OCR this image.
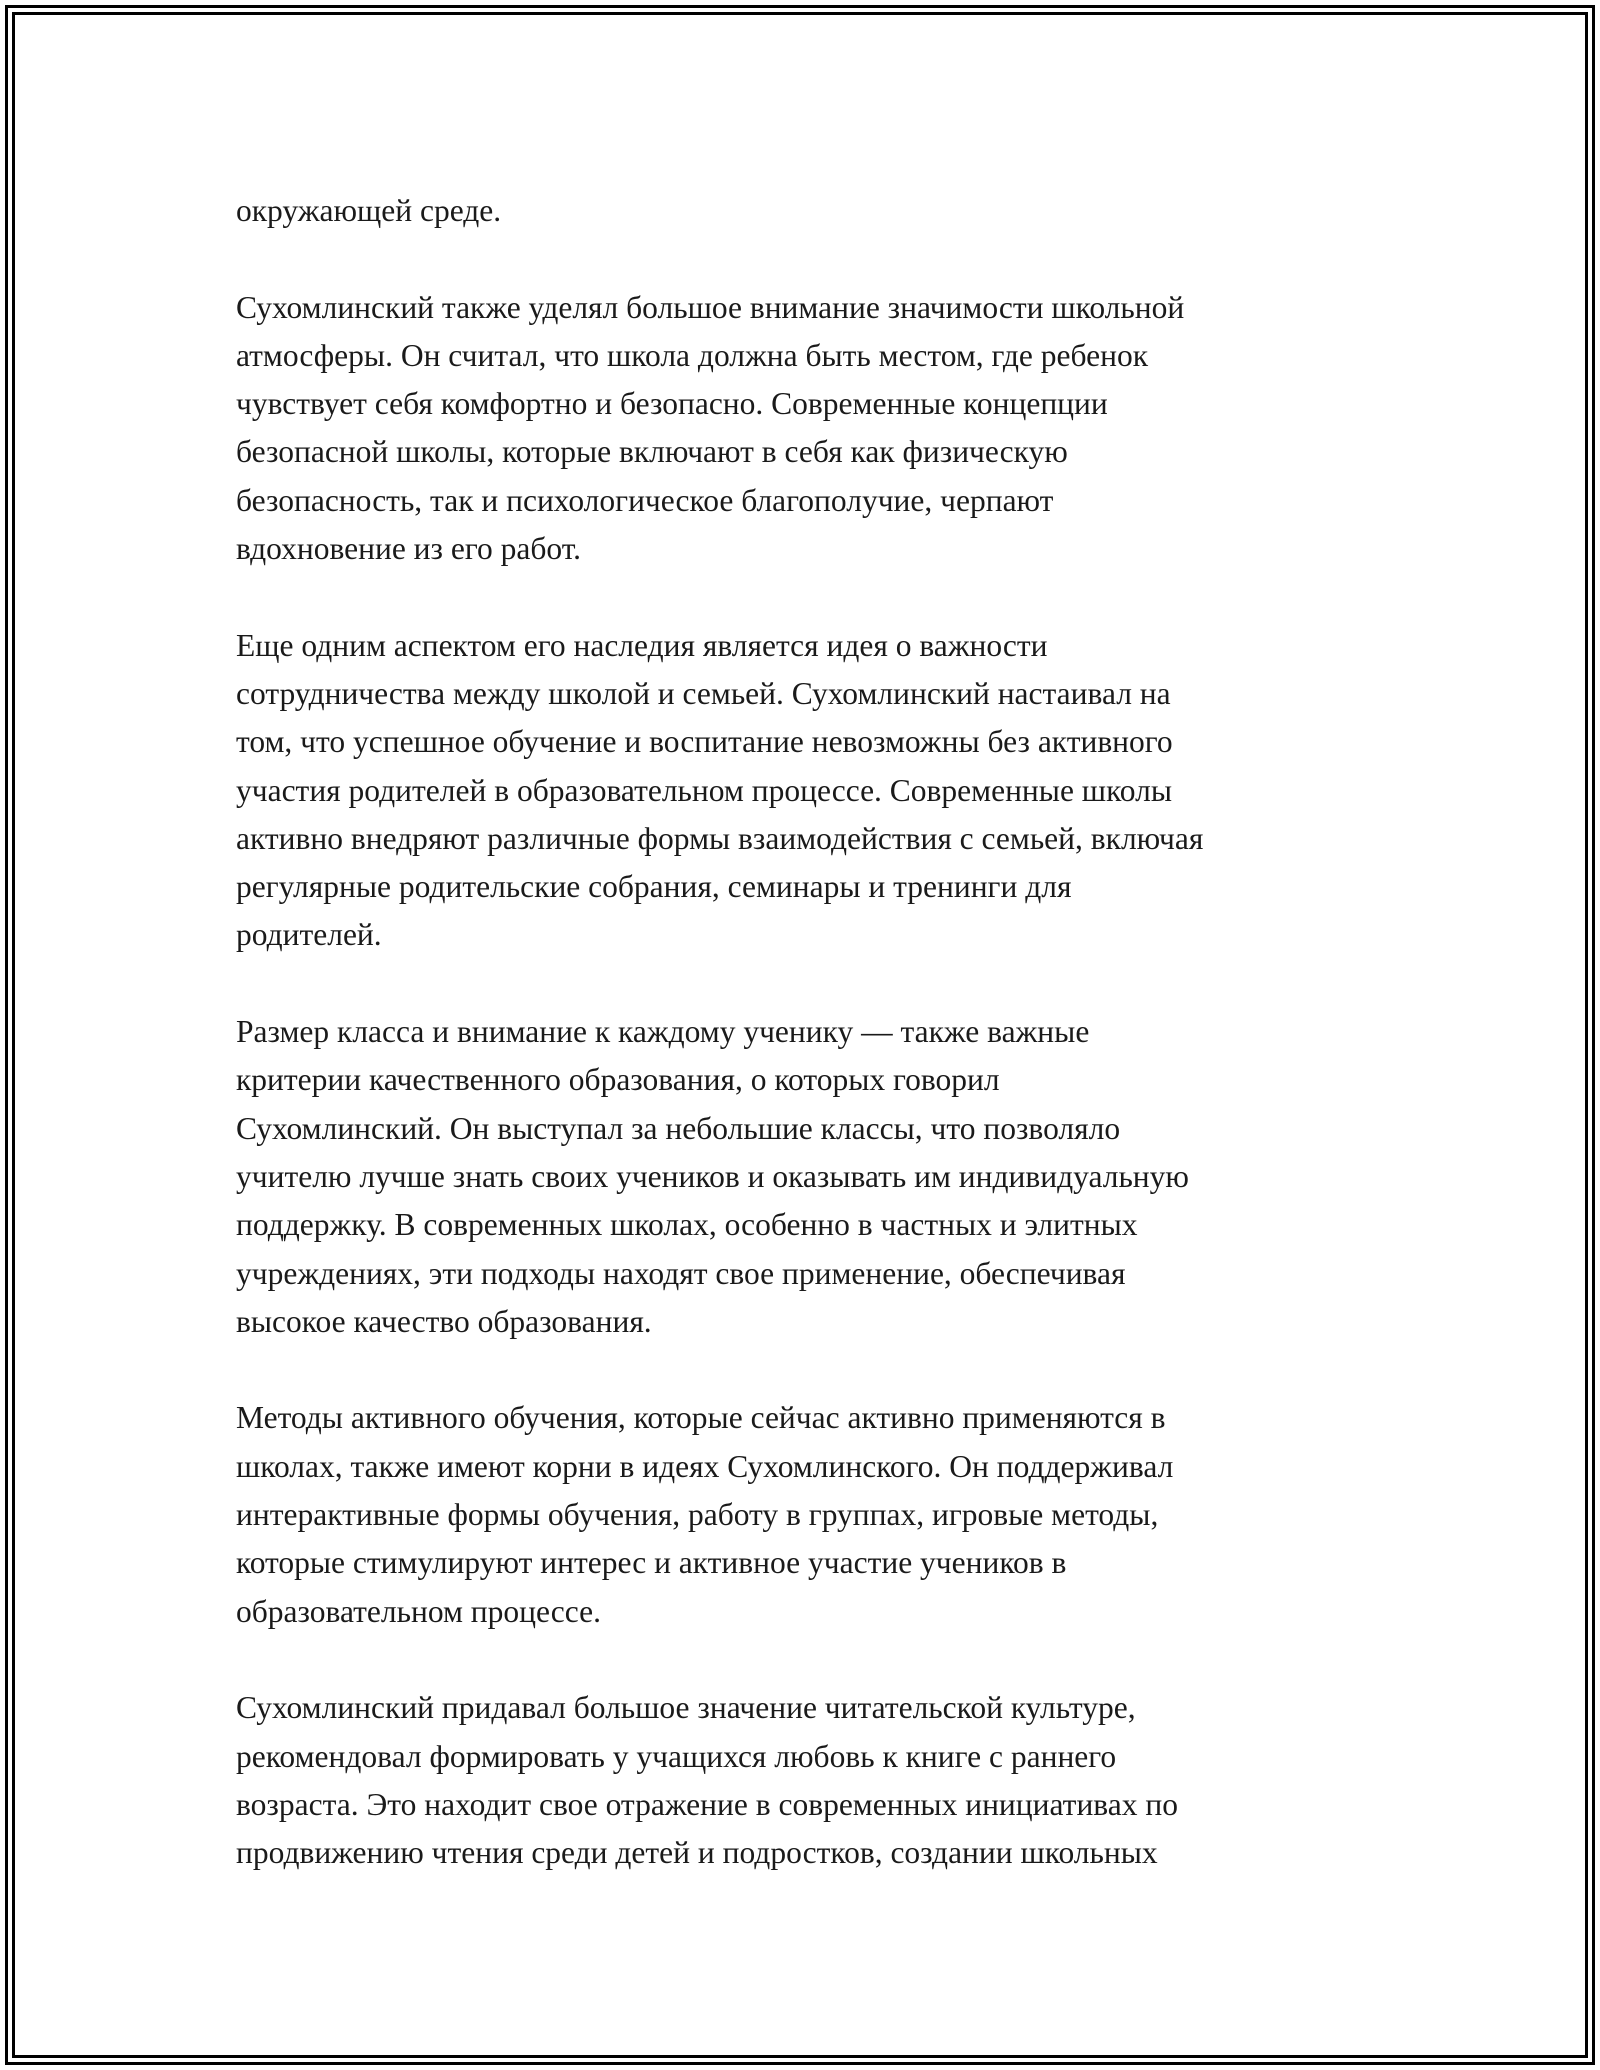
окружающей среде.

Сухомлинский также уделял большое внимание значимости школьной
атмосферы. Он считал, что школа должна быть местом, где ребенок
чувствует себя комфортно и безопасно. Современные концепции
безопасной школы, которые включают в себя как физическую
безопасность, так и психологическое благополучие, черпают
вдохновение из его работ.

Еще одним аспектом его наследия является идея о важности
сотрудничества между школой и семьей. Сухомлинский настаивал на
том, что успешное обучение и воспитание невозможны без активного
участия родителей в образовательном процессе. Современные школы
активно внедряют различные формы взаимодействия с семьей, включая
регулярные родительские собрания, семинары и тренинги для
родителей.

Размер класса и внимание к каждому ученику — также важные
критерии качественного образования, о которых говорил
Сухомлинский. Он выступал за небольшие классы, что позволяло
учителю лучше знать своих учеников и оказывать им индивидуальную
поддержку. В современных школах, особенно в частных и элитных
учреждениях, эти подходы находят свое применение, обеспечивая
высокое качество образования.

Методы активного обучения, которые сейчас активно применяются в
школах, также имеют корни в идеях Сухомлинского. Он поддерживал
интерактивные формы обучения, работу в группах, игровые методы,
которые стимулируют интерес и активное участие учеников в
образовательном процессе.

Сухомлинский придавал большое значение читательской культуре,
рекомендовал формировать у учащихся любовь к книге с раннего
возраста. Это находит свое отражение в современных инициативах по
продвижению чтения среди детей и подростков, создании школьных
